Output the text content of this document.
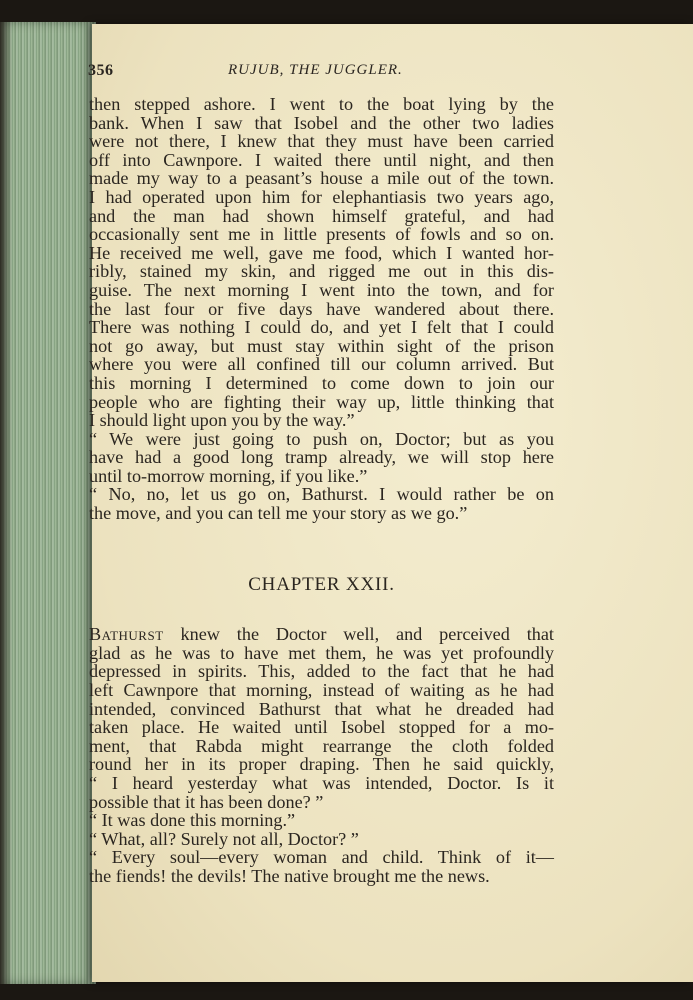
356	RUJUB, THE JUGGLER.
then stepped ashore. I went to the boat lying by the
bank. When I saw that Isobel and the other two ladies
were not there, I knew that they must have been carried
off into Cawnpore. I waited there until night, and then
made my way to a peasant’s house a mile out of the town.
I had operated upon him for elephantiasis two years ago,
and the man had shown himself grateful, and had
occasionally sent me in little presents of fowls and so on.
He received me well, gave me food, which I wanted hor-
ribly, stained my skin, and rigged me out in this dis-
guise. The next morning I went into the town, and for
the last four or five days have wandered about there.
There was nothing I could do, and yet I felt that I could
not go away, but must stay within sight of the prison
where you were all confined till our column arrived. But
this morning I determined to come down to join our
people who are fighting their way up, little thinking that
I should light upon you by the way.”
“ We were just going to push on, Doctor; but as you
have had a good long tramp already, we will stop here
until to-morrow morning, if you like.”
“ No, no, let us go on, Bathurst. I would rather be on
the move, and you can tell me your story as we go.”
CHAPTER XXII.
Bathurst knew the Doctor well, and perceived that
glad as he was to have met them, he was yet profoundly
depressed in spirits. This, added to the fact that he had
left Cawnpore that morning, instead of waiting as he had
intended, convinced Bathurst that what he dreaded had
taken place. He waited until Isobel stopped for a mo-
ment, that Rabda might rearrange the cloth folded
round her in its proper draping. Then he said quickly,
“ I heard yesterday what was intended, Doctor. Is it
possible that it has been done? ”
“ It was done this morning.”
“ What, all? Surely not all, Doctor? ”
“ Every soul—every woman and child. Think of it—
the fiends! the devils! The native brought me the news.
